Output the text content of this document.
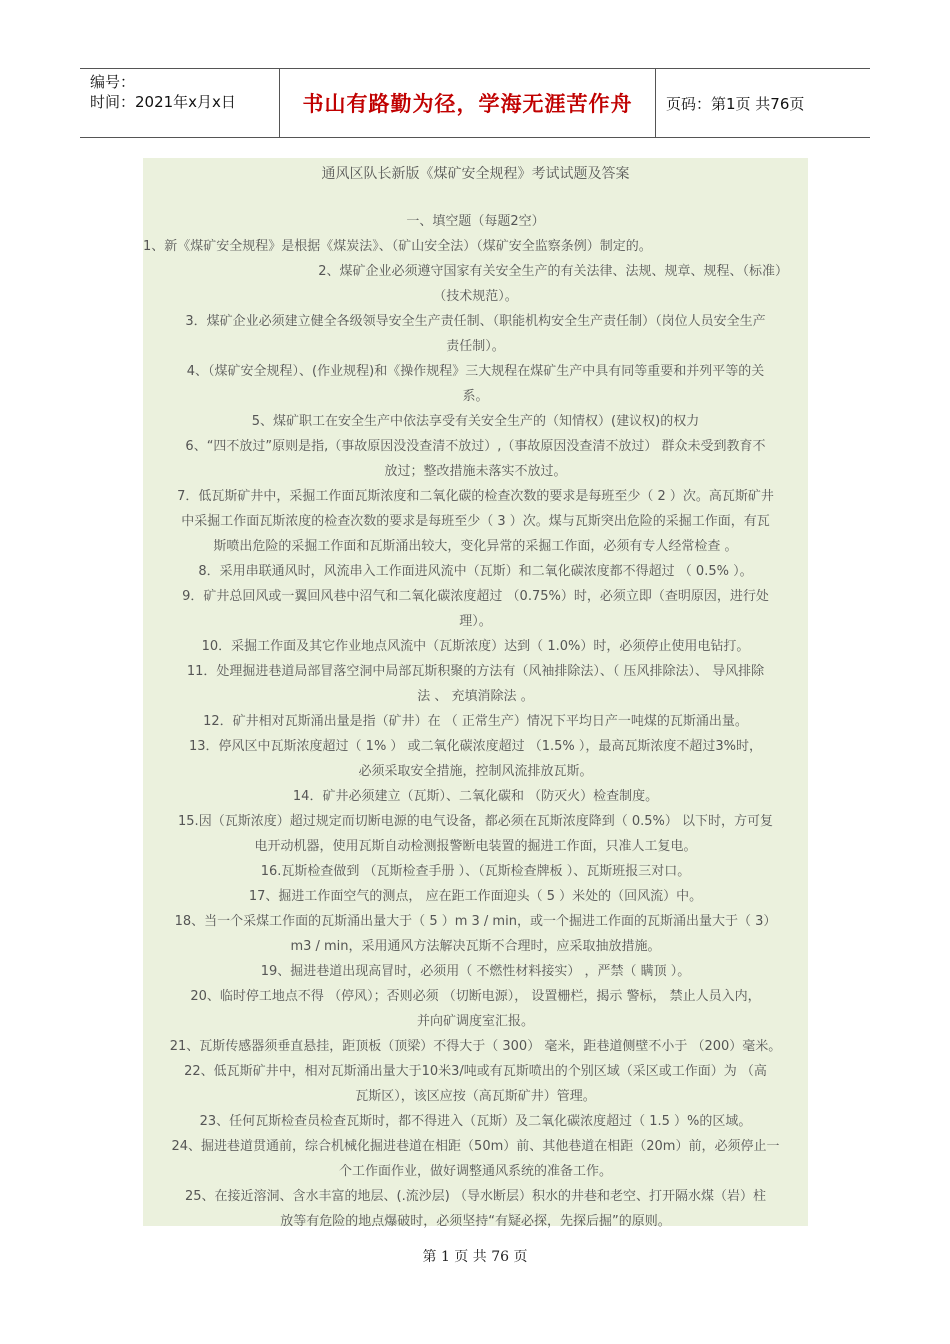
编号：
时间：2021年x月x日	书山有路勤为径，学海无涯苦作舟	页码：第1页 共76页

通风区队长新版《煤矿安全规程》考试试题及答案

一、填空题（每题2空）

1、新《煤矿安全规程》是根据《煤炭法》、（矿山安全法）（煤矿安全监察条例）制定的。

2、煤矿企业必须遵守国家有关安全生产的有关法律、法规、规章、规程、（标准）

（技术规范）。

3．煤矿企业必须建立健全各级领导安全生产责任制、（职能机构安全生产责任制）（岗位人员安全生产

责任制）。

4、（煤矿安全规程）、(作业规程)和《操作规程》三大规程在煤矿生产中具有同等重要和并列平等的关

系。

5、煤矿职工在安全生产中依法享受有关安全生产的（知情权）(建议权)的权力

6、“四不放过”原则是指,（事故原因没没查清不放过）,（事故原因没查清不放过） 群众未受到教育不

放过；整改措施未落实不放过。

7．低瓦斯矿井中，采掘工作面瓦斯浓度和二氧化碳的检查次数的要求是每班至少（ 2 ）次。高瓦斯矿井

中采掘工作面瓦斯浓度的检查次数的要求是每班至少（ 3 ）次。煤与瓦斯突出危险的采掘工作面，有瓦

斯喷出危险的采掘工作面和瓦斯涌出较大，变化异常的采掘工作面，必须有专人经常检查 。

8．采用串联通风时，风流串入工作面进风流中（瓦斯）和二氧化碳浓度都不得超过 （ 0.5% ）。

9．矿井总回风或一翼回风巷中沼气和二氧化碳浓度超过 （0.75%）时，必须立即（查明原因，进行处

理）。

10．采掘工作面及其它作业地点风流中（瓦斯浓度）达到（ 1.0%）时，必须停止使用电钻打。

11．处理掘进巷道局部冒落空洞中局部瓦斯积聚的方法有（风袖排除法）、（ 压风排除法）、 导风排除

法 、 充填消除法 。

12．矿井相对瓦斯涌出量是指（矿井）在 （ 正常生产）情况下平均日产一吨煤的瓦斯涌出量。

13．停风区中瓦斯浓度超过（ 1% ） 或二氧化碳浓度超过 （1.5% ），最高瓦斯浓度不超过3%时，

必须采取安全措施，控制风流排放瓦斯。

14．矿井必须建立（瓦斯）、二氧化碳和 （防灭火）检查制度。

15.因（瓦斯浓度）超过规定而切断电源的电气设备，都必须在瓦斯浓度降到（ 0.5%） 以下时，方可复

电开动机器，使用瓦斯自动检测报警断电装置的掘进工作面，只准人工复电。

16.瓦斯检查做到 （瓦斯检查手册 ）、（瓦斯检查牌板 ）、瓦斯班报三对口。

17、掘进工作面空气的测点， 应在距工作面迎头（ 5 ）米处的（回风流）中。

18、当一个采煤工作面的瓦斯涌出量大于（ 5 ）m 3 / min，或一个掘进工作面的瓦斯涌出量大于（ 3）

m3 / min，采用通风方法解决瓦斯不合理时，应采取抽放措施。

19、掘进巷道出现高冒时，必须用（ 不燃性材料接实） ，严禁（ 瞒顶 ）。

20、临时停工地点不得 （停风）；否则必须 （切断电源）， 设置栅栏，揭示 警标， 禁止人员入内，

并向矿调度室汇报。

21、瓦斯传感器须垂直悬挂，距顶板（顶梁）不得大于（ 300） 毫米，距巷道侧壁不小于 （200）毫米。

22、低瓦斯矿井中，相对瓦斯涌出量大于10米3/吨或有瓦斯喷出的个别区域（采区或工作面）为 （高

瓦斯区），该区应按（高瓦斯矿井）管理。

23、任何瓦斯检查员检查瓦斯时，都不得进入（瓦斯）及二氧化碳浓度超过（ 1.5 ）%的区域。

24、掘进巷道贯通前，综合机械化掘进巷道在相距（50m）前、其他巷道在相距（20m）前，必须停止一

个工作面作业，做好调整通风系统的准备工作。

25、在接近溶洞、含水丰富的地层、(.流沙层) （导水断层）积水的井巷和老空、打开隔水煤（岩）柱

放等有危险的地点爆破时，必须坚持“有疑必探，先探后掘”的原则。

第 1 页 共 76 页
